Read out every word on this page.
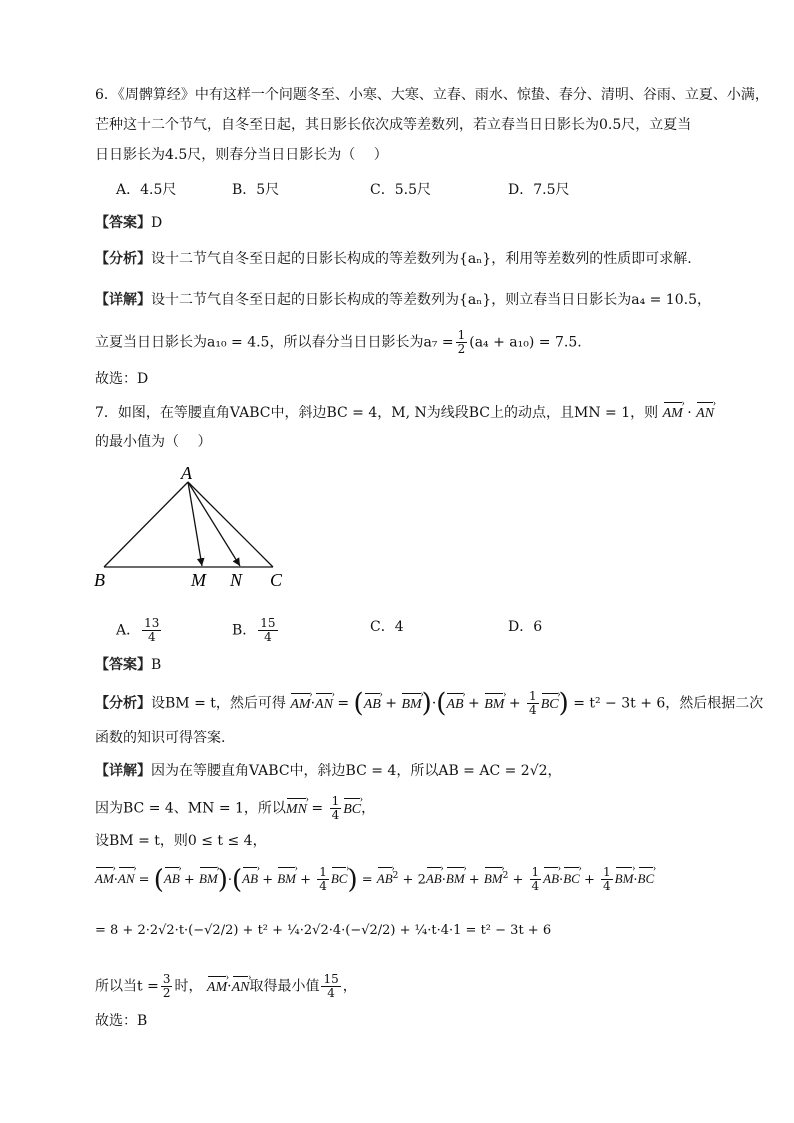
6．《周髀算经》中有这样一个问题冬至、小寒、大寒、立春、雨水、惊蛰、春分、清明、谷雨、立夏、小满，
芒种这十二个节气，自冬至日起，其日影长依次成等差数列，若立春当日日影长为0.5尺，立夏当
日日影长为4.5尺，则春分当日日影长为（　 ）
A．4.5尺	B．5尺	C．5.5尺	D．7.5尺
【答案】D
【分析】设十二节气自冬至日起的日影长构成的等差数列为{aₙ}，利用等差数列的性质即可求解.
【详解】设十二节气自冬至日起的日影长构成的等差数列为{aₙ}，则立春当日日影长为a₄ = 10.5，
立夏当日日影长为a₁₀ = 4.5，所以春分当日日影长为$a_7 = \frac{1}{2} (a_4 + a_{10}) = 7.5$.
故选：D
7．如图，在等腰直角VABC中，斜边BC = 4，M, N为线段BC上的动点，且MN = 1，则 AM › · AN ›
的最小值为（　 ）
A
B	M N C
A． $\frac{13}{4}$	B． $\frac{15}{4}$	C．4	D．6
【答案】B
【分析】设BM = t，然后可得 AM ›·AN › = (AB › + BM ›)·(AB › + BM › + $\frac{1}{4}$ BC ›) = t² − 3t + 6，然后根据二次
函数的知识可得答案.
【详解】因为在等腰直角VABC中，斜边BC = 4，所以AB = AC = 2√2，
因为BC = 4、MN = 1，所以MN › = $\frac{1}{4}$ BC ›，
设BM = t，则0 ≤ t ≤ 4，
AM ›·AN › = (AB › + BM ›)·(AB › + BM › + $\frac{1}{4}$ BC ›) = AB ›$^2$ + 2AB ›·BM › + BM ›$^2$ + $\frac{1}{4}$ AB ›·BC › + $\frac{1}{4}$ BM ›·BC ›
= 8 + 2·2√2·t·(−√2/2) + t² + ¼·2√2·4·(−√2/2) + ¼·t·4·1 = t² − 3t + 6
所以当$t = \frac{3}{2}$ 时， AM ›·AN ›取得最小值 $\frac{15}{4}$ ，
故选：B
